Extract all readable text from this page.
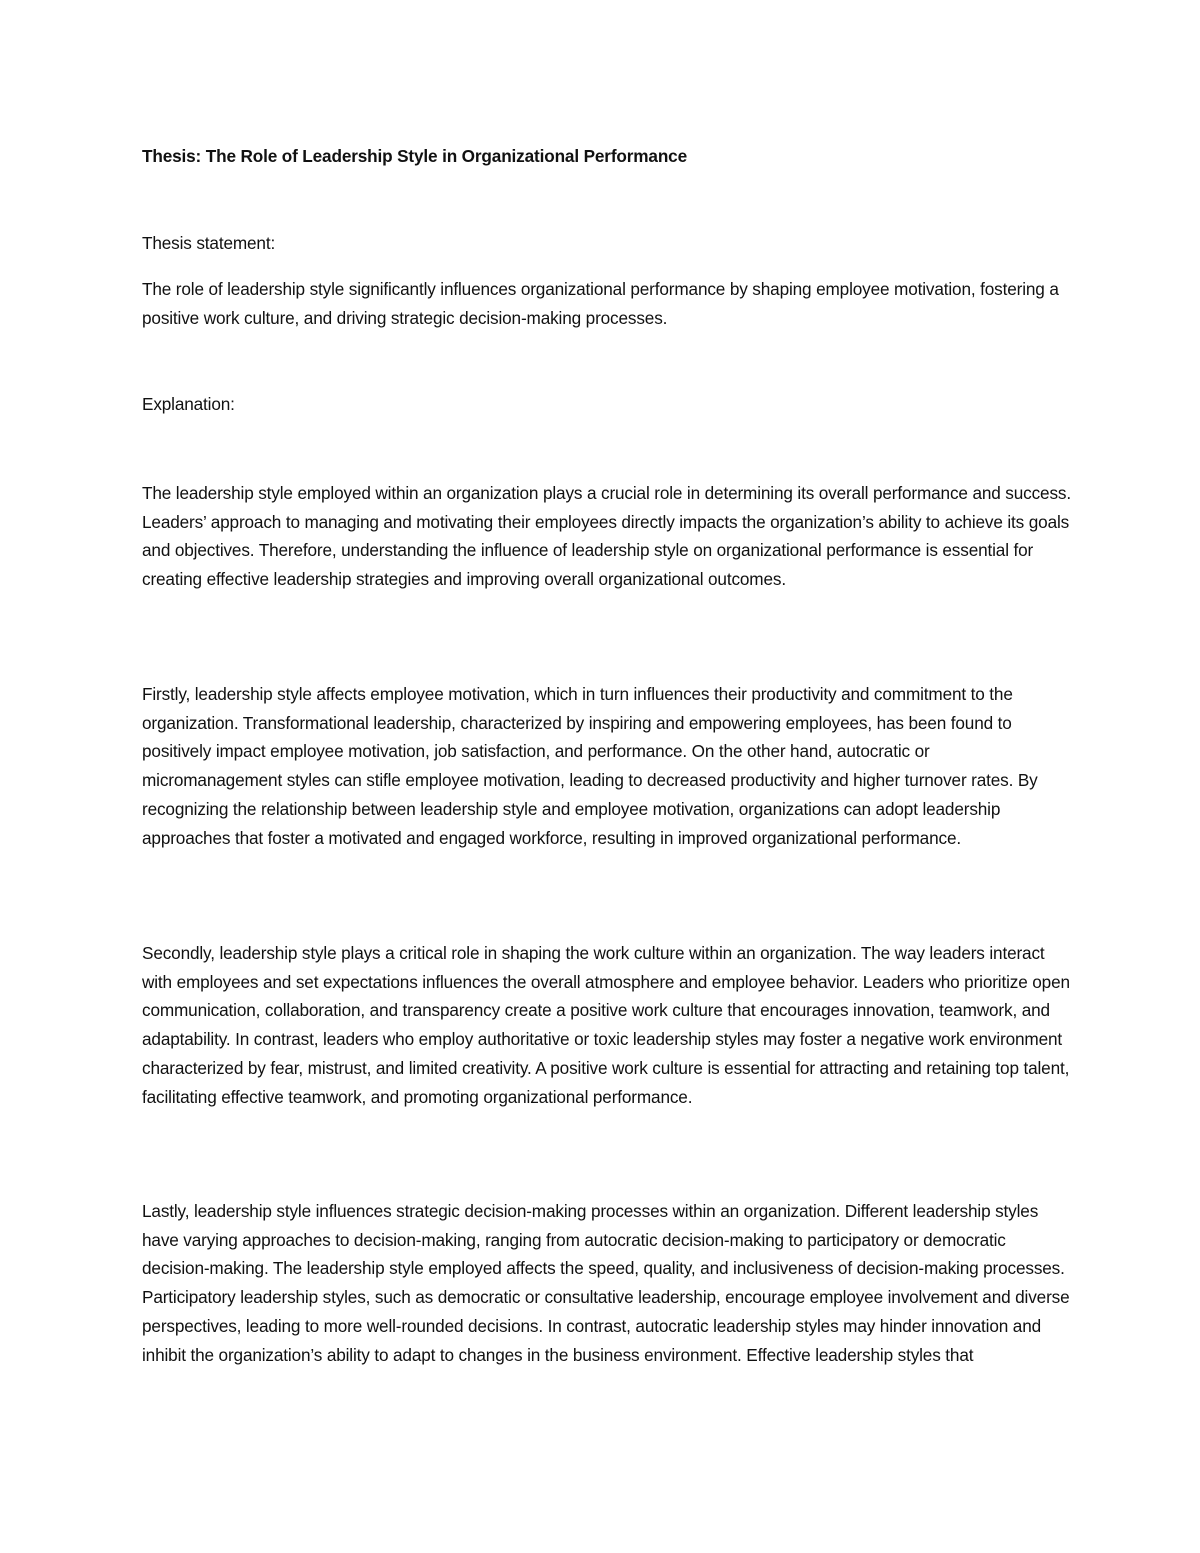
Thesis: The Role of Leadership Style in Organizational Performance

Thesis statement:

The role of leadership style significantly influences organizational performance by shaping employee motivation, fostering a positive work culture, and driving strategic decision-making processes.

Explanation:

The leadership style employed within an organization plays a crucial role in determining its overall performance and success. Leaders’ approach to managing and motivating their employees directly impacts the organization’s ability to achieve its goals and objectives. Therefore, understanding the influence of leadership style on organizational performance is essential for creating effective leadership strategies and improving overall organizational outcomes.

Firstly, leadership style affects employee motivation, which in turn influences their productivity and commitment to the organization. Transformational leadership, characterized by inspiring and empowering employees, has been found to positively impact employee motivation, job satisfaction, and performance. On the other hand, autocratic or micromanagement styles can stifle employee motivation, leading to decreased productivity and higher turnover rates. By recognizing the relationship between leadership style and employee motivation, organizations can adopt leadership approaches that foster a motivated and engaged workforce, resulting in improved organizational performance.

Secondly, leadership style plays a critical role in shaping the work culture within an organization. The way leaders interact with employees and set expectations influences the overall atmosphere and employee behavior. Leaders who prioritize open communication, collaboration, and transparency create a positive work culture that encourages innovation, teamwork, and adaptability. In contrast, leaders who employ authoritative or toxic leadership styles may foster a negative work environment characterized by fear, mistrust, and limited creativity. A positive work culture is essential for attracting and retaining top talent, facilitating effective teamwork, and promoting organizational performance.

Lastly, leadership style influences strategic decision-making processes within an organization. Different leadership styles have varying approaches to decision-making, ranging from autocratic decision-making to participatory or democratic decision-making. The leadership style employed affects the speed, quality, and inclusiveness of decision-making processes. Participatory leadership styles, such as democratic or consultative leadership, encourage employee involvement and diverse perspectives, leading to more well-rounded decisions. In contrast, autocratic leadership styles may hinder innovation and inhibit the organization’s ability to adapt to changes in the business environment. Effective leadership styles that
